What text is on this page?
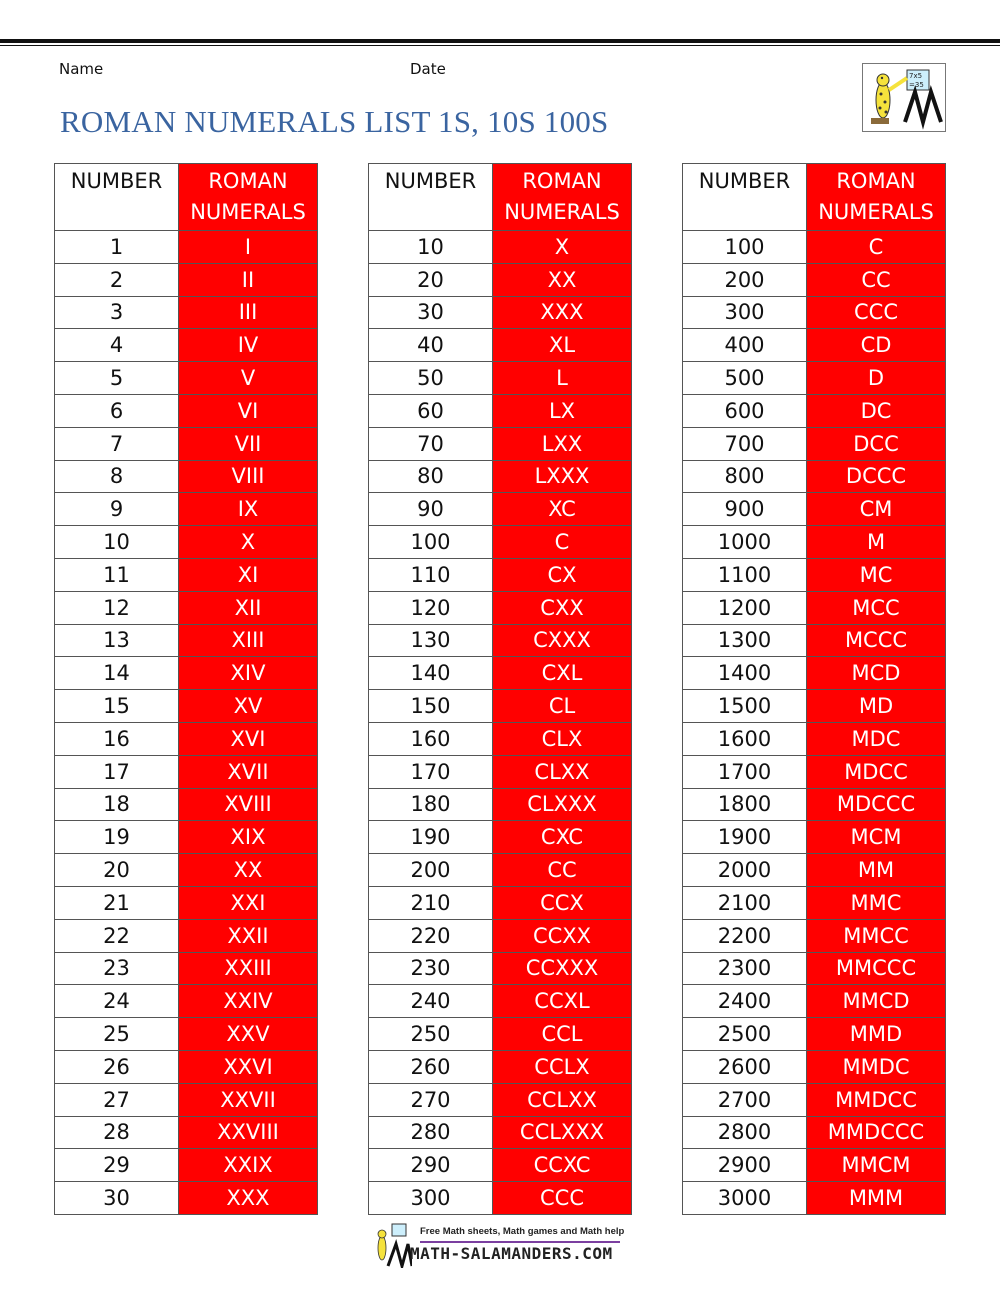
Name	Date
ROMAN NUMERALS LIST 1S, 10S 100S
7x5
=35
NUMBER	ROMAN
NUMERALS
1	I
2	II
3	III
4	IV
5	V
6	VI
7	VII
8	VIII
9	IX
10	X
11	XI
12	XII
13	XIII
14	XIV
15	XV
16	XVI
17	XVII
18	XVIII
19	XIX
20	XX
21	XXI
22	XXII
23	XXIII
24	XXIV
25	XXV
26	XXVI
27	XXVII
28	XXVIII
29	XXIX
30	XXX
NUMBER	ROMAN
NUMERALS
10	X
20	XX
30	XXX
40	XL
50	L
60	LX
70	LXX
80	LXXX
90	XC
100	C
110	CX
120	CXX
130	CXXX
140	CXL
150	CL
160	CLX
170	CLXX
180	CLXXX
190	CXC
200	CC
210	CCX
220	CCXX
230	CCXXX
240	CCXL
250	CCL
260	CCLX
270	CCLXX
280	CCLXXX
290	CCXC
300	CCC
NUMBER	ROMAN
NUMERALS
100	C
200	CC
300	CCC
400	CD
500	D
600	DC
700	DCC
800	DCCC
900	CM
1000	M
1100	MC
1200	MCC
1300	MCCC
1400	MCD
1500	MD
1600	MDC
1700	MDCC
1800	MDCCC
1900	MCM
2000	MM
2100	MMC
2200	MMCC
2300	MMCCC
2400	MMCD
2500	MMD
2600	MMDC
2700	MMDCC
2800	MMDCCC
2900	MMCM
3000	MMM
Free Math sheets, Math games and Math help
MATH-SALAMANDERS.COM
